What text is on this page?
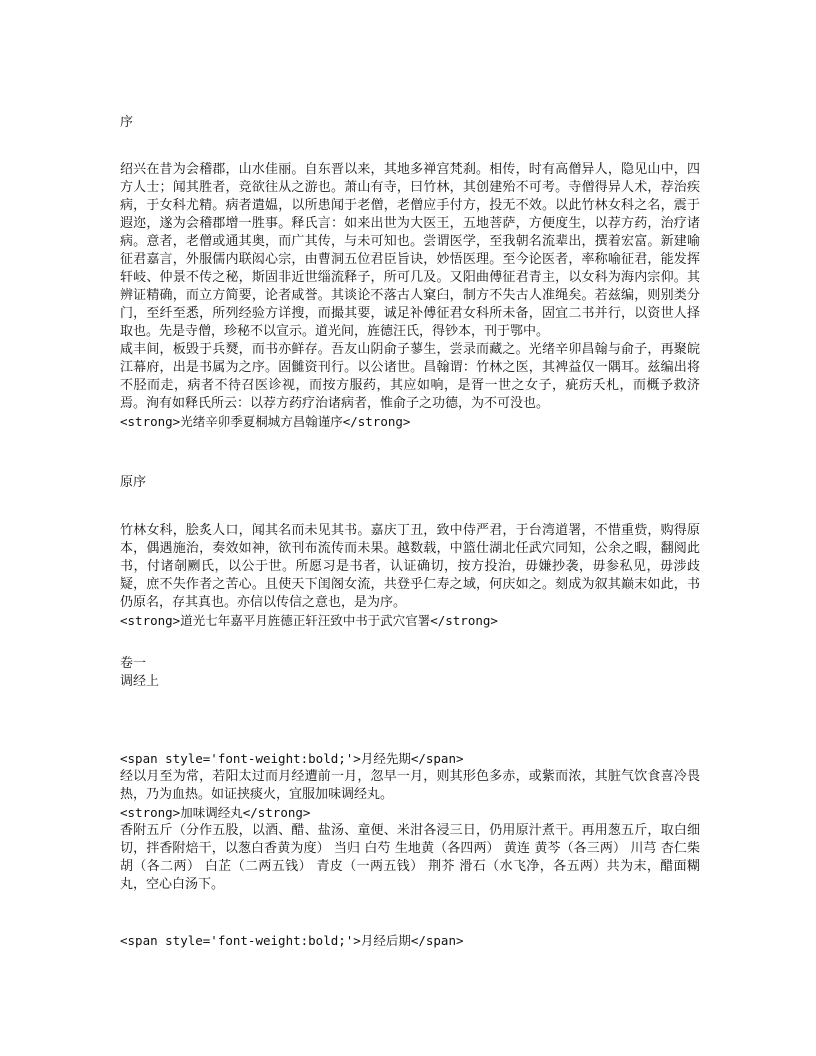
序

绍兴在昔为会稽郡，山水佳丽。自东晋以来，其地多禅宫梵刹。相传，时有高僧异人，隐见山中，四方人士；闻其胜者，竞欲往从之游也。萧山有寺，曰竹林，其创建殆不可考。寺僧得异人术，荐治疾病，于女科尤精。病者遣媪，以所患闻于老僧，老僧应手付方，投无不效。以此竹林女科之名，震于遐迩，遂为会稽郡增一胜事。释氏言：如来出世为大医王，五地菩萨，方便度生，以荐方药，治疗诸病。意者，老僧或通其奥，而广其传，与未可知也。尝谓医学，至我朝名流辈出，撰着宏富。新建喻征君嘉言，外服儒内联闳心宗，由曹洞五位君臣旨诀，妙悟医理。至今论医者，率称喻征君，能发挥轩岐、仲景不传之秘，斯固非近世缁流释子，所可几及。又阳曲傅征君青主，以女科为海内宗仰。其辨证精确，而立方简要，论者咸誉。其谈论不落古人窠臼，制方不失古人准绳矣。若兹编，则别类分门，至纤至悉，所列经验方详搜，而撮其要，诚足补傅征君女科所未备，固宜二书并行，以资世人择取也。先是寺僧，珍秘不以宣示。道光间，旌德汪氏，得钞本，刊于鄂中。

咸丰间，板毁于兵燹，而书亦鲜存。吾友山阴俞子蓼生，尝录而藏之。光绪辛卯昌翰与俞子，再聚皖江幕府，出是书属为之序。固雠资刊行。以公诸世。昌翰谓：竹林之医，其裨益仅一隅耳。兹编出将不胫而走，病者不待召医诊视，而按方服药，其应如响，是胥一世之女子，疵疠夭札，而概予救济焉。洵有如释氏所云：以荐方药疗治诸病者，惟俞子之功德，为不可没也。

<strong>光绪辛卯季夏桐城方昌翰谨序</strong>

原序

竹林女科，脍炙人口，闻其名而未见其书。嘉庆丁丑，致中侍严君，于台湾道署，不惜重赀，购得原本，偶遇施治，奏效如神，欲刊布流传而未果。越数载，中篮仕湖北任武穴同知，公余之暇，翻阅此书，付诸剞劂氏，以公于世。所愿习是书者，认证确切，按方投治，毋嫌抄袭，毋参私见，毋涉歧疑，庶不失作者之苦心。且使天下闺阁女流，共登乎仁寿之域，何庆如之。刻成为叙其巅末如此，书仍原名，存其真也。亦信以传信之意也，是为序。

<strong>道光七年嘉平月旌德正轩汪致中书于武穴官署</strong>

卷一

调经上

<span style='font-weight:bold;'>月经先期</span>

经以月至为常，若阳太过而月经遭前一月，忽早一月，则其形色多赤，或紫而浓，其脏气饮食喜冷畏热，乃为血热。如证挟痰火，宜服加味调经丸。

<strong>加味调经丸</strong>

香附五斤（分作五股，以酒、醋、盐汤、童便、米泔各浸三日，仍用原汁煮干。再用葱五斤，取白细切，拌香附焙干，以葱白香黄为度） 当归 白芍 生地黄（各四两） 黄连 黄芩（各三两） 川芎 杏仁柴胡（各二两） 白芷（二两五钱） 青皮（一两五钱） 荆芥 滑石（水飞净，各五两）共为末，醋面糊丸，空心白汤下。

<span style='font-weight:bold;'>月经后期</span>
